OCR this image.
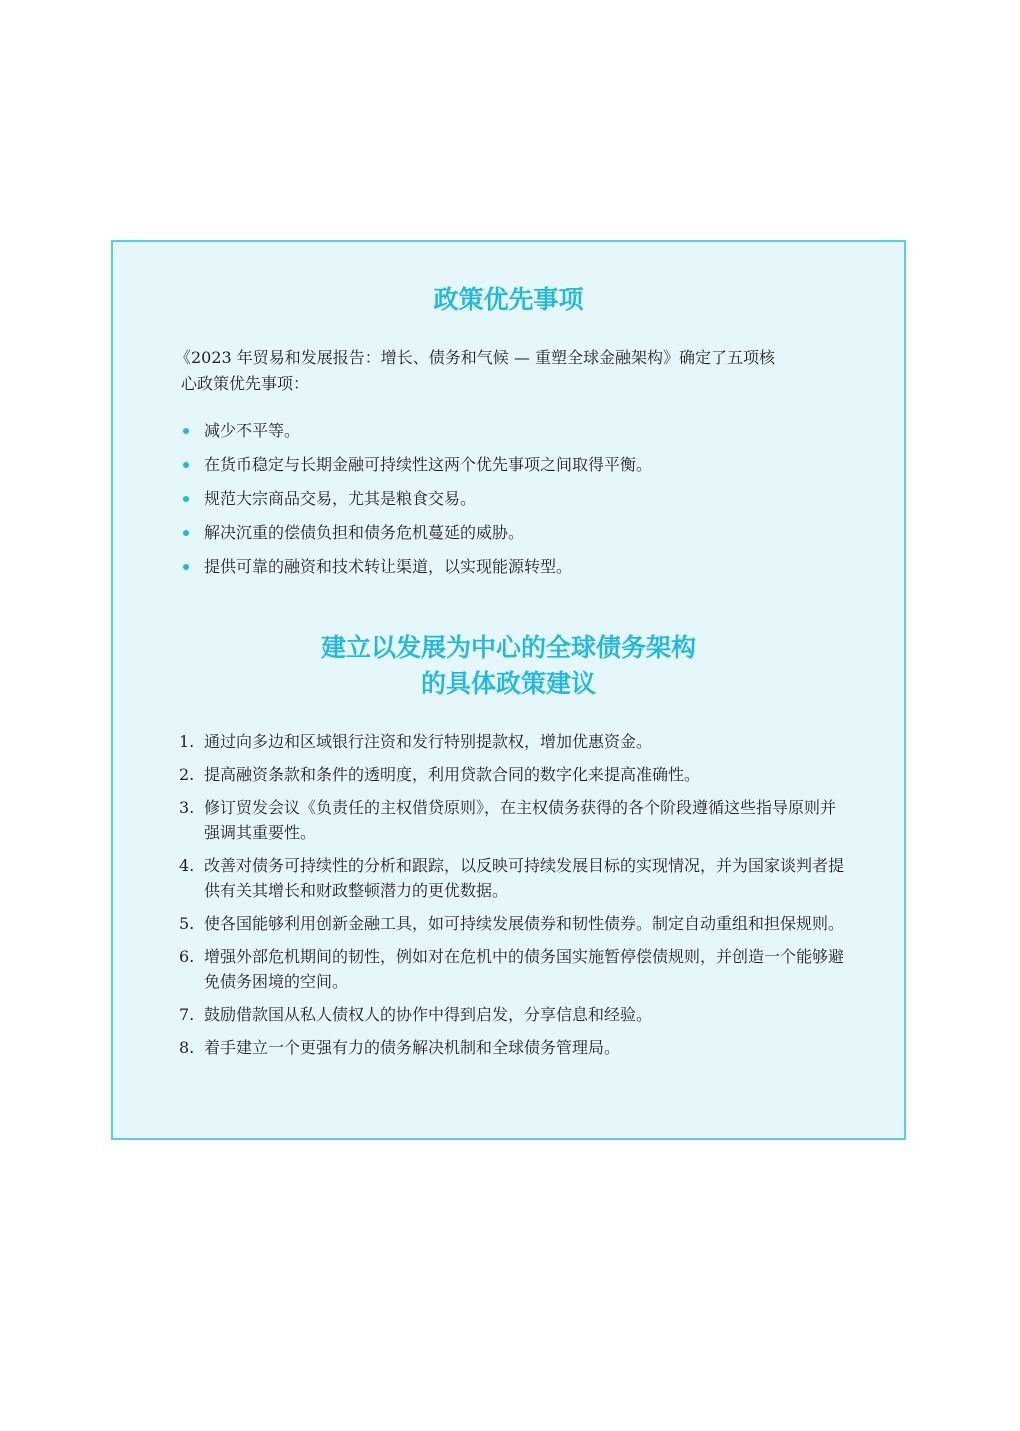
政策优先事项

《2023 年贸易和发展报告：增长、债务和气候 — 重塑全球金融架构》确定了五项核
心政策优先事项：

减少不平等。
在货币稳定与长期金融可持续性这两个优先事项之间取得平衡。
规范大宗商品交易，尤其是粮食交易。
解决沉重的偿债负担和债务危机蔓延的威胁。
提供可靠的融资和技术转让渠道，以实现能源转型。
建立以发展为中心的全球债务架构
的具体政策建议
1. 通过向多边和区域银行注资和发行特别提款权，增加优惠资金。
2. 提高融资条款和条件的透明度，利用贷款合同的数字化来提高准确性。
3. 修订贸发会议《负责任的主权借贷原则》，在主权债务获得的各个阶段遵循这些指导原则并强调其重要性。
4. 改善对债务可持续性的分析和跟踪，以反映可持续发展目标的实现情况，并为国家谈判者提供有关其增长和财政整顿潜力的更优数据。
5. 使各国能够利用创新金融工具，如可持续发展债券和韧性债券。制定自动重组和担保规则。
6. 增强外部危机期间的韧性，例如对在危机中的债务国实施暂停偿债规则，并创造一个能够避免债务困境的空间。
7. 鼓励借款国从私人债权人的协作中得到启发，分享信息和经验。
8. 着手建立一个更强有力的债务解决机制和全球债务管理局。
